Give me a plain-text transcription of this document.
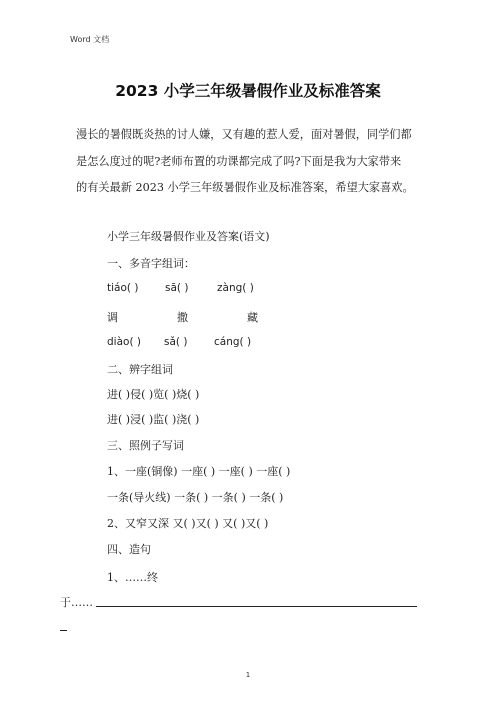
Word 文档
2023 小学三年级暑假作业及标准答案
漫长的暑假既炎热的讨人嫌，又有趣的惹人爱，面对暑假，同学们都
是怎么度过的呢?老师布置的功课都完成了吗?下面是我为大家带来
的有关最新 2023 小学三年级暑假作业及标准答案，希望大家喜欢。
小学三年级暑假作业及答案(语文)
一、多音字组词：
tiáo( )	sā( )	zàng( )
调	撒	藏
diào( ) sǎ( )	cáng( )
二、辨字组词
进( )侵( )览( )烧( )
进( )浸( )监( )浇( )
三、照例子写词
1、一座(铜像) 一座( ) 一座( ) 一座( )
一条(导火线) 一条( ) 一条( ) 一条( )
2、又窄又深 又( )又( ) 又( )又( )
四、造句
1、……终
于……
1
